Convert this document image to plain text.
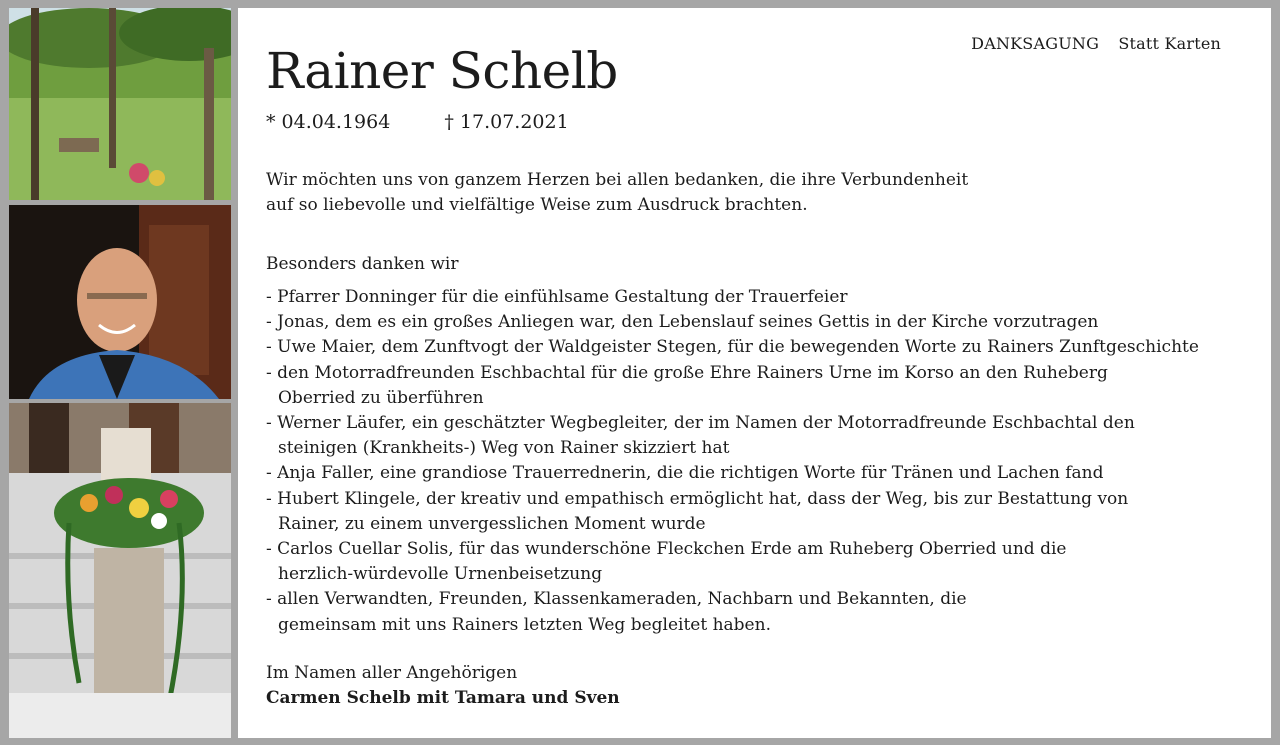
DANKSAGUNG Statt Karten
Rainer Schelb
* 04.04.1964	† 17.07.2021

Wir möchten uns von ganzem Herzen bei allen bedanken, die ihre Verbundenheit
auf so liebevolle und vielfältige Weise zum Ausdruck brachten.

Besonders danken wir

- Pfarrer Donninger für die einfühlsame Gestaltung der Trauerfeier
- Jonas, dem es ein großes Anliegen war, den Lebenslauf seines Gettis in der Kirche vorzutragen
- Uwe Maier, dem Zunftvogt der Waldgeister Stegen, für die bewegenden Worte zu Rainers Zunftgeschichte
- den Motorradfreunden Eschbachtal für die große Ehre Rainers Urne im Korso an den Ruheberg Oberried zu überführen
- Werner Läufer, ein geschätzter Wegbegleiter, der im Namen der Motorradfreunde Eschbachtal den steinigen (Krankheits-) Weg von Rainer skizziert hat
- Anja Faller, eine grandiose Trauerrednerin, die die richtigen Worte für Tränen und Lachen fand
- Hubert Klingele, der kreativ und empathisch ermöglicht hat, dass der Weg, bis zur Bestattung von Rainer, zu einem unvergesslichen Moment wurde
- Carlos Cuellar Solis, für das wunderschöne Fleckchen Erde am Ruheberg Oberried und die herzlich-würdevolle Urnenbeisetzung
- allen Verwandten, Freunden, Klassenkameraden, Nachbarn und Bekannten, die gemeinsam mit uns Rainers letzten Weg begleitet haben.

Im Namen aller Angehörigen

Carmen Schelb mit Tamara und Sven
